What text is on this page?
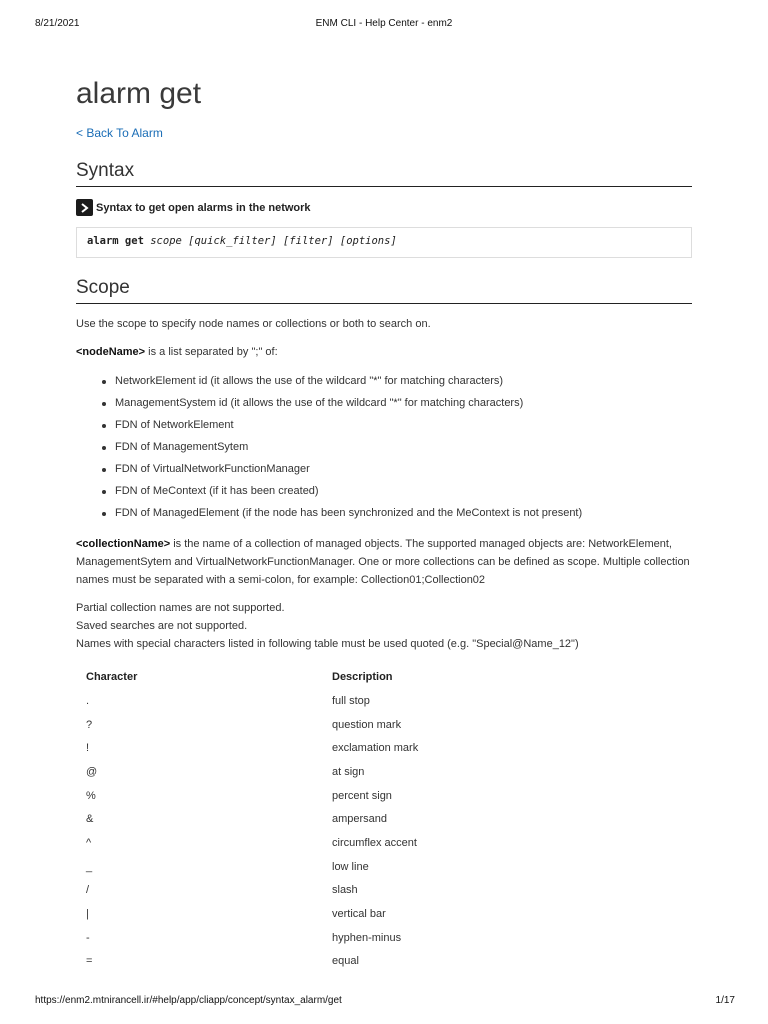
8/21/2021	ENM CLI - Help Center - enm2
alarm get
< Back To Alarm
Syntax
Syntax to get open alarms in the network
alarm get scope [quick_filter] [filter] [options]
Scope

Use the scope to specify node names or collections or both to search on.

<nodeName> is a list separated by ";" of:

NetworkElement id (it allows the use of the wildcard "*" for matching characters)
ManagementSystem id (it allows the use of the wildcard "*" for matching characters)
FDN of NetworkElement
FDN of ManagementSytem
FDN of VirtualNetworkFunctionManager
FDN of MeContext (if it has been created)
FDN of ManagedElement (if the node has been synchronized and the MeContext is not present)

<collectionName> is the name of a collection of managed objects. The supported managed objects are: NetworkElement, ManagementSytem and VirtualNetworkFunctionManager. One or more collections can be defined as scope. Multiple collection names must be separated with a semi-colon, for example: Collection01;Collection02

Partial collection names are not supported.
Saved searches are not supported.
Names with special characters listed in following table must be used quoted (e.g. "Special@Name_12")

Character	Description
.	full stop
?	question mark
!	exclamation mark
@	at sign
%	percent sign
&	ampersand
^	circumflex accent
_	low line
/	slash
|	vertical bar
-	hyphen-minus
=	equal
https://enm2.mtnirancell.ir/#help/app/cliapp/concept/syntax_alarm/get	1/17
